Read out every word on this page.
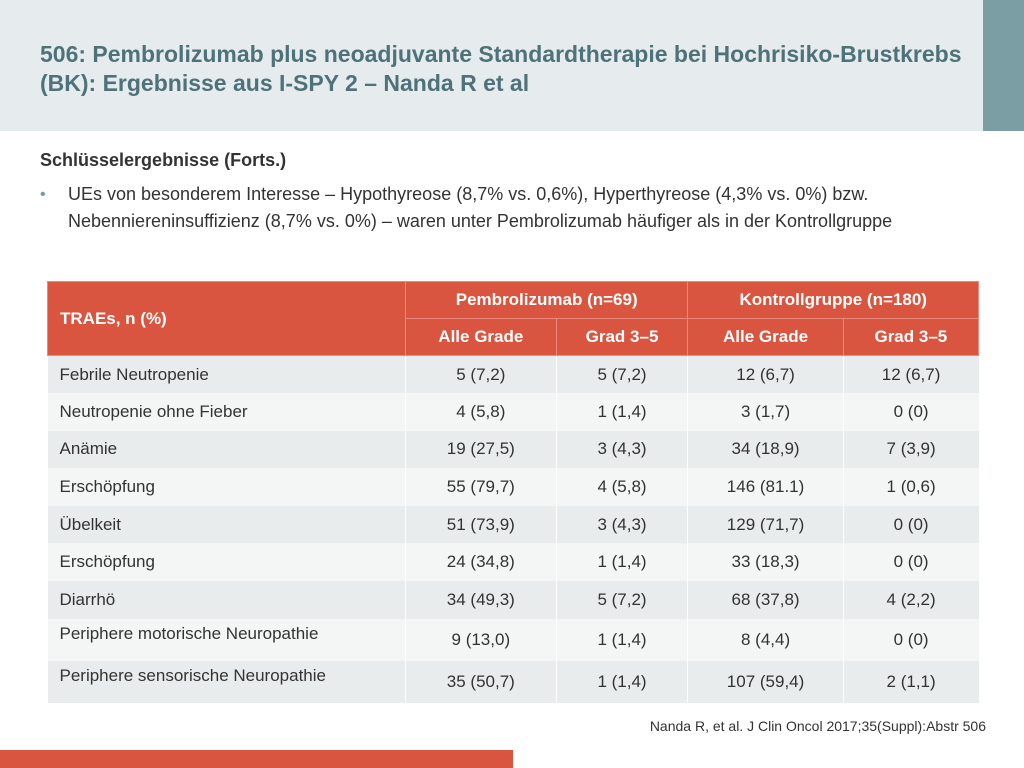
506: Pembrolizumab plus neoadjuvante Standardtherapie bei Hochrisiko-Brustkrebs (BK): Ergebnisse aus I-SPY 2 – Nanda R et al
Schlüsselergebnisse (Forts.)
• UEs von besonderem Interesse – Hypothyreose (8,7% vs. 0,6%), Hyperthyreose (4,3% vs. 0%) bzw. Nebenniereninsuffizienz (8,7% vs. 0%) – waren unter Pembrolizumab häufiger als in der Kontrollgruppe
TRAEs, n (%)	Pembrolizumab (n=69)		Kontrollgruppe (n=180)	
	Alle Grade	Grad 3–5	Alle Grade	Grad 3–5
Febrile Neutropenie	5 (7,2)	5 (7,2)	12 (6,7)	12 (6,7)
Neutropenie ohne Fieber	4 (5,8)	1 (1,4)	3 (1,7)	0 (0)
Anämie	19 (27,5)	3 (4,3)	34 (18,9)	7 (3,9)
Erschöpfung	55 (79,7)	4 (5,8)	146 (81.1)	1 (0,6)
Übelkeit	51 (73,9)	3 (4,3)	129 (71,7)	0 (0)
Erschöpfung	24 (34,8)	1 (1,4)	33 (18,3)	0 (0)
Diarrhö	34 (49,3)	5 (7,2)	68 (37,8)	4 (2,2)
Periphere motorische Neuropathie	9 (13,0)	1 (1,4)	8 (4,4)	0 (0)
Periphere sensorische Neuropathie	35 (50,7)	1 (1,4)	107 (59,4)	2 (1,1)
Nanda R, et al. J Clin Oncol 2017;35(Suppl):Abstr 506
